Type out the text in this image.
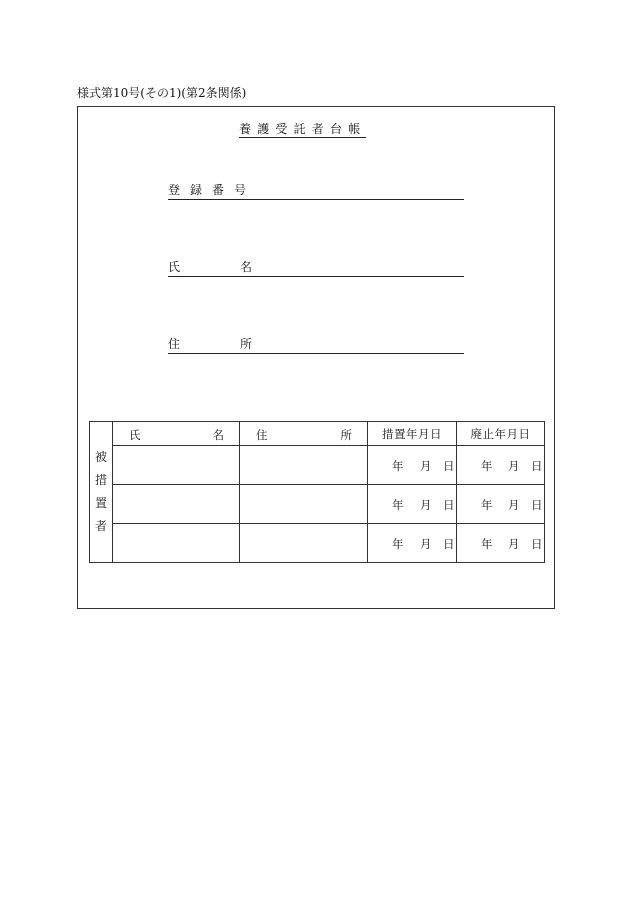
様式第10号(その1)(第2条関係)
養護受託者台帳
登録番号
氏	名
住	所
被
措
置
者	氏 名	住 所	措置年月日	廃止年月日

			年 月 日	年 月 日

			年 月 日	年 月 日

			年 月 日	年 月 日
